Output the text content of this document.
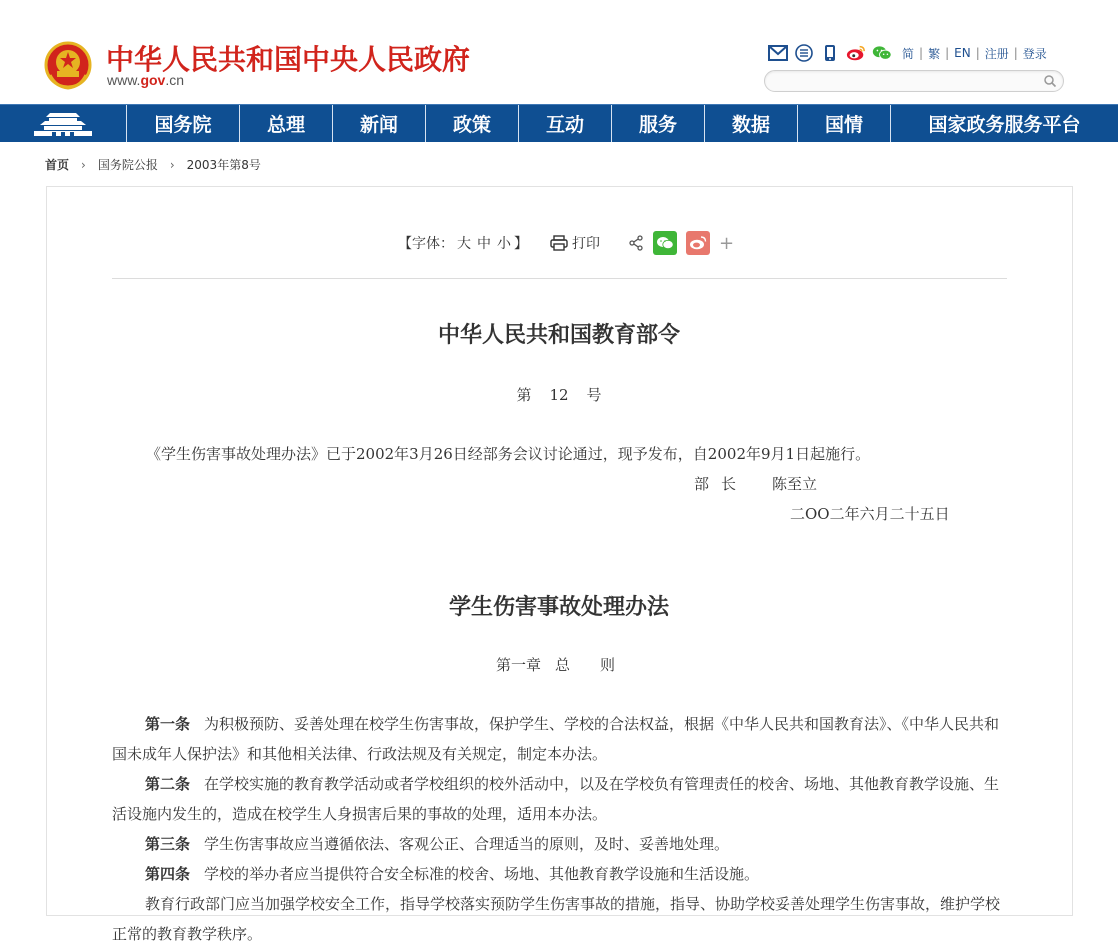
中华人民共和国中央人民政府
www.gov.cn
简 | 繁 | EN | 注册 | 登录
国务院	总理	新闻	政策	互动	服务	数据	国情	国家政务服务平台
首页 › 国务院公报 › 2003年第8号
【字体： 大 中 小 】	打印	+
中华人民共和国教育部令
第 12 号
《学生伤害事故处理办法》已于2002年3月26日经部务会议讨论通过，现予发布，自2002年9月1日起施行。
部 长 陈至立
二OO二年六月二十五日
学生伤害事故处理办法
第一章 总 则

第一条 为积极预防、妥善处理在校学生伤害事故，保护学生、学校的合法权益，根据《中华人民共和国教育法》、《中华人民共和国未成年人保护法》和其他相关法律、行政法规及有关规定，制定本办法。

第二条 在学校实施的教育教学活动或者学校组织的校外活动中，以及在学校负有管理责任的校舍、场地、其他教育教学设施、生活设施内发生的，造成在校学生人身损害后果的事故的处理，适用本办法。

第三条 学生伤害事故应当遵循依法、客观公正、合理适当的原则，及时、妥善地处理。

第四条 学校的举办者应当提供符合安全标准的校舍、场地、其他教育教学设施和生活设施。

教育行政部门应当加强学校安全工作，指导学校落实预防学生伤害事故的措施，指导、协助学校妥善处理学生伤害事故，维护学校正常的教育教学秩序。
